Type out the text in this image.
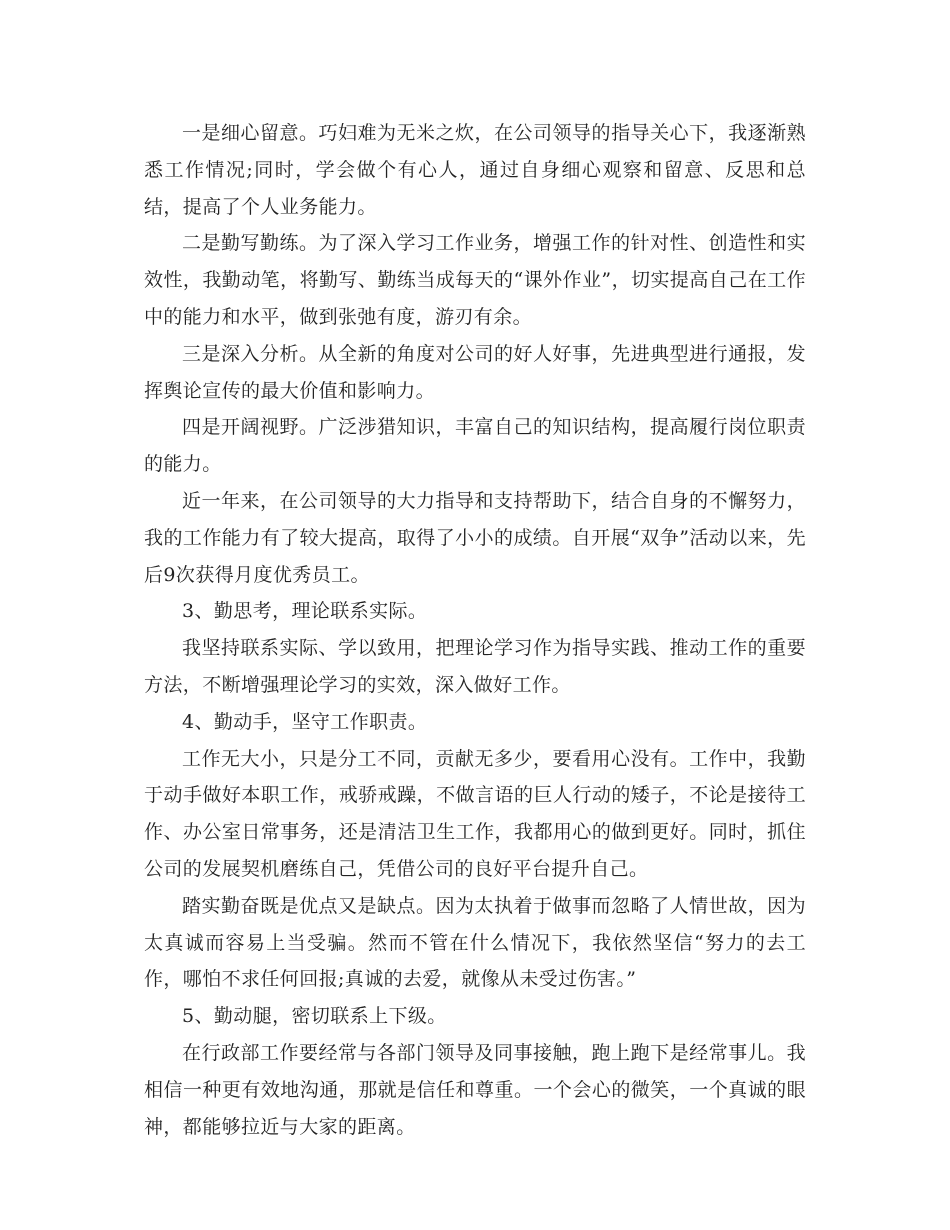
一是细心留意。巧妇难为无米之炊，在公司领导的指导关心下，我逐渐熟悉工作情况;同时，学会做个有心人，通过自身细心观察和留意、反思和总结，提高了个人业务能力。

二是勤写勤练。为了深入学习工作业务，增强工作的针对性、创造性和实效性，我勤动笔，将勤写、勤练当成每天的“课外作业”，切实提高自己在工作中的能力和水平，做到张弛有度，游刃有余。

三是深入分析。从全新的角度对公司的好人好事，先进典型进行通报，发挥舆论宣传的最大价值和影响力。

四是开阔视野。广泛涉猎知识，丰富自己的知识结构，提高履行岗位职责的能力。

近一年来，在公司领导的大力指导和支持帮助下，结合自身的不懈努力，我的工作能力有了较大提高，取得了小小的成绩。自开展“双争”活动以来，先后9次获得月度优秀员工。

3、勤思考，理论联系实际。

我坚持联系实际、学以致用，把理论学习作为指导实践、推动工作的重要方法，不断增强理论学习的实效，深入做好工作。

4、勤动手，坚守工作职责。

工作无大小，只是分工不同，贡献无多少，要看用心没有。工作中，我勤于动手做好本职工作，戒骄戒躁，不做言语的巨人行动的矮子，不论是接待工作、办公室日常事务，还是清洁卫生工作，我都用心的做到更好。同时，抓住公司的发展契机磨练自己，凭借公司的良好平台提升自己。

踏实勤奋既是优点又是缺点。因为太执着于做事而忽略了人情世故，因为太真诚而容易上当受骗。然而不管在什么情况下，我依然坚信“努力的去工作，哪怕不求任何回报;真诚的去爱，就像从未受过伤害。”

5、勤动腿，密切联系上下级。

在行政部工作要经常与各部门领导及同事接触，跑上跑下是经常事儿。我相信一种更有效地沟通，那就是信任和尊重。一个会心的微笑，一个真诚的眼神，都能够拉近与大家的距离。
